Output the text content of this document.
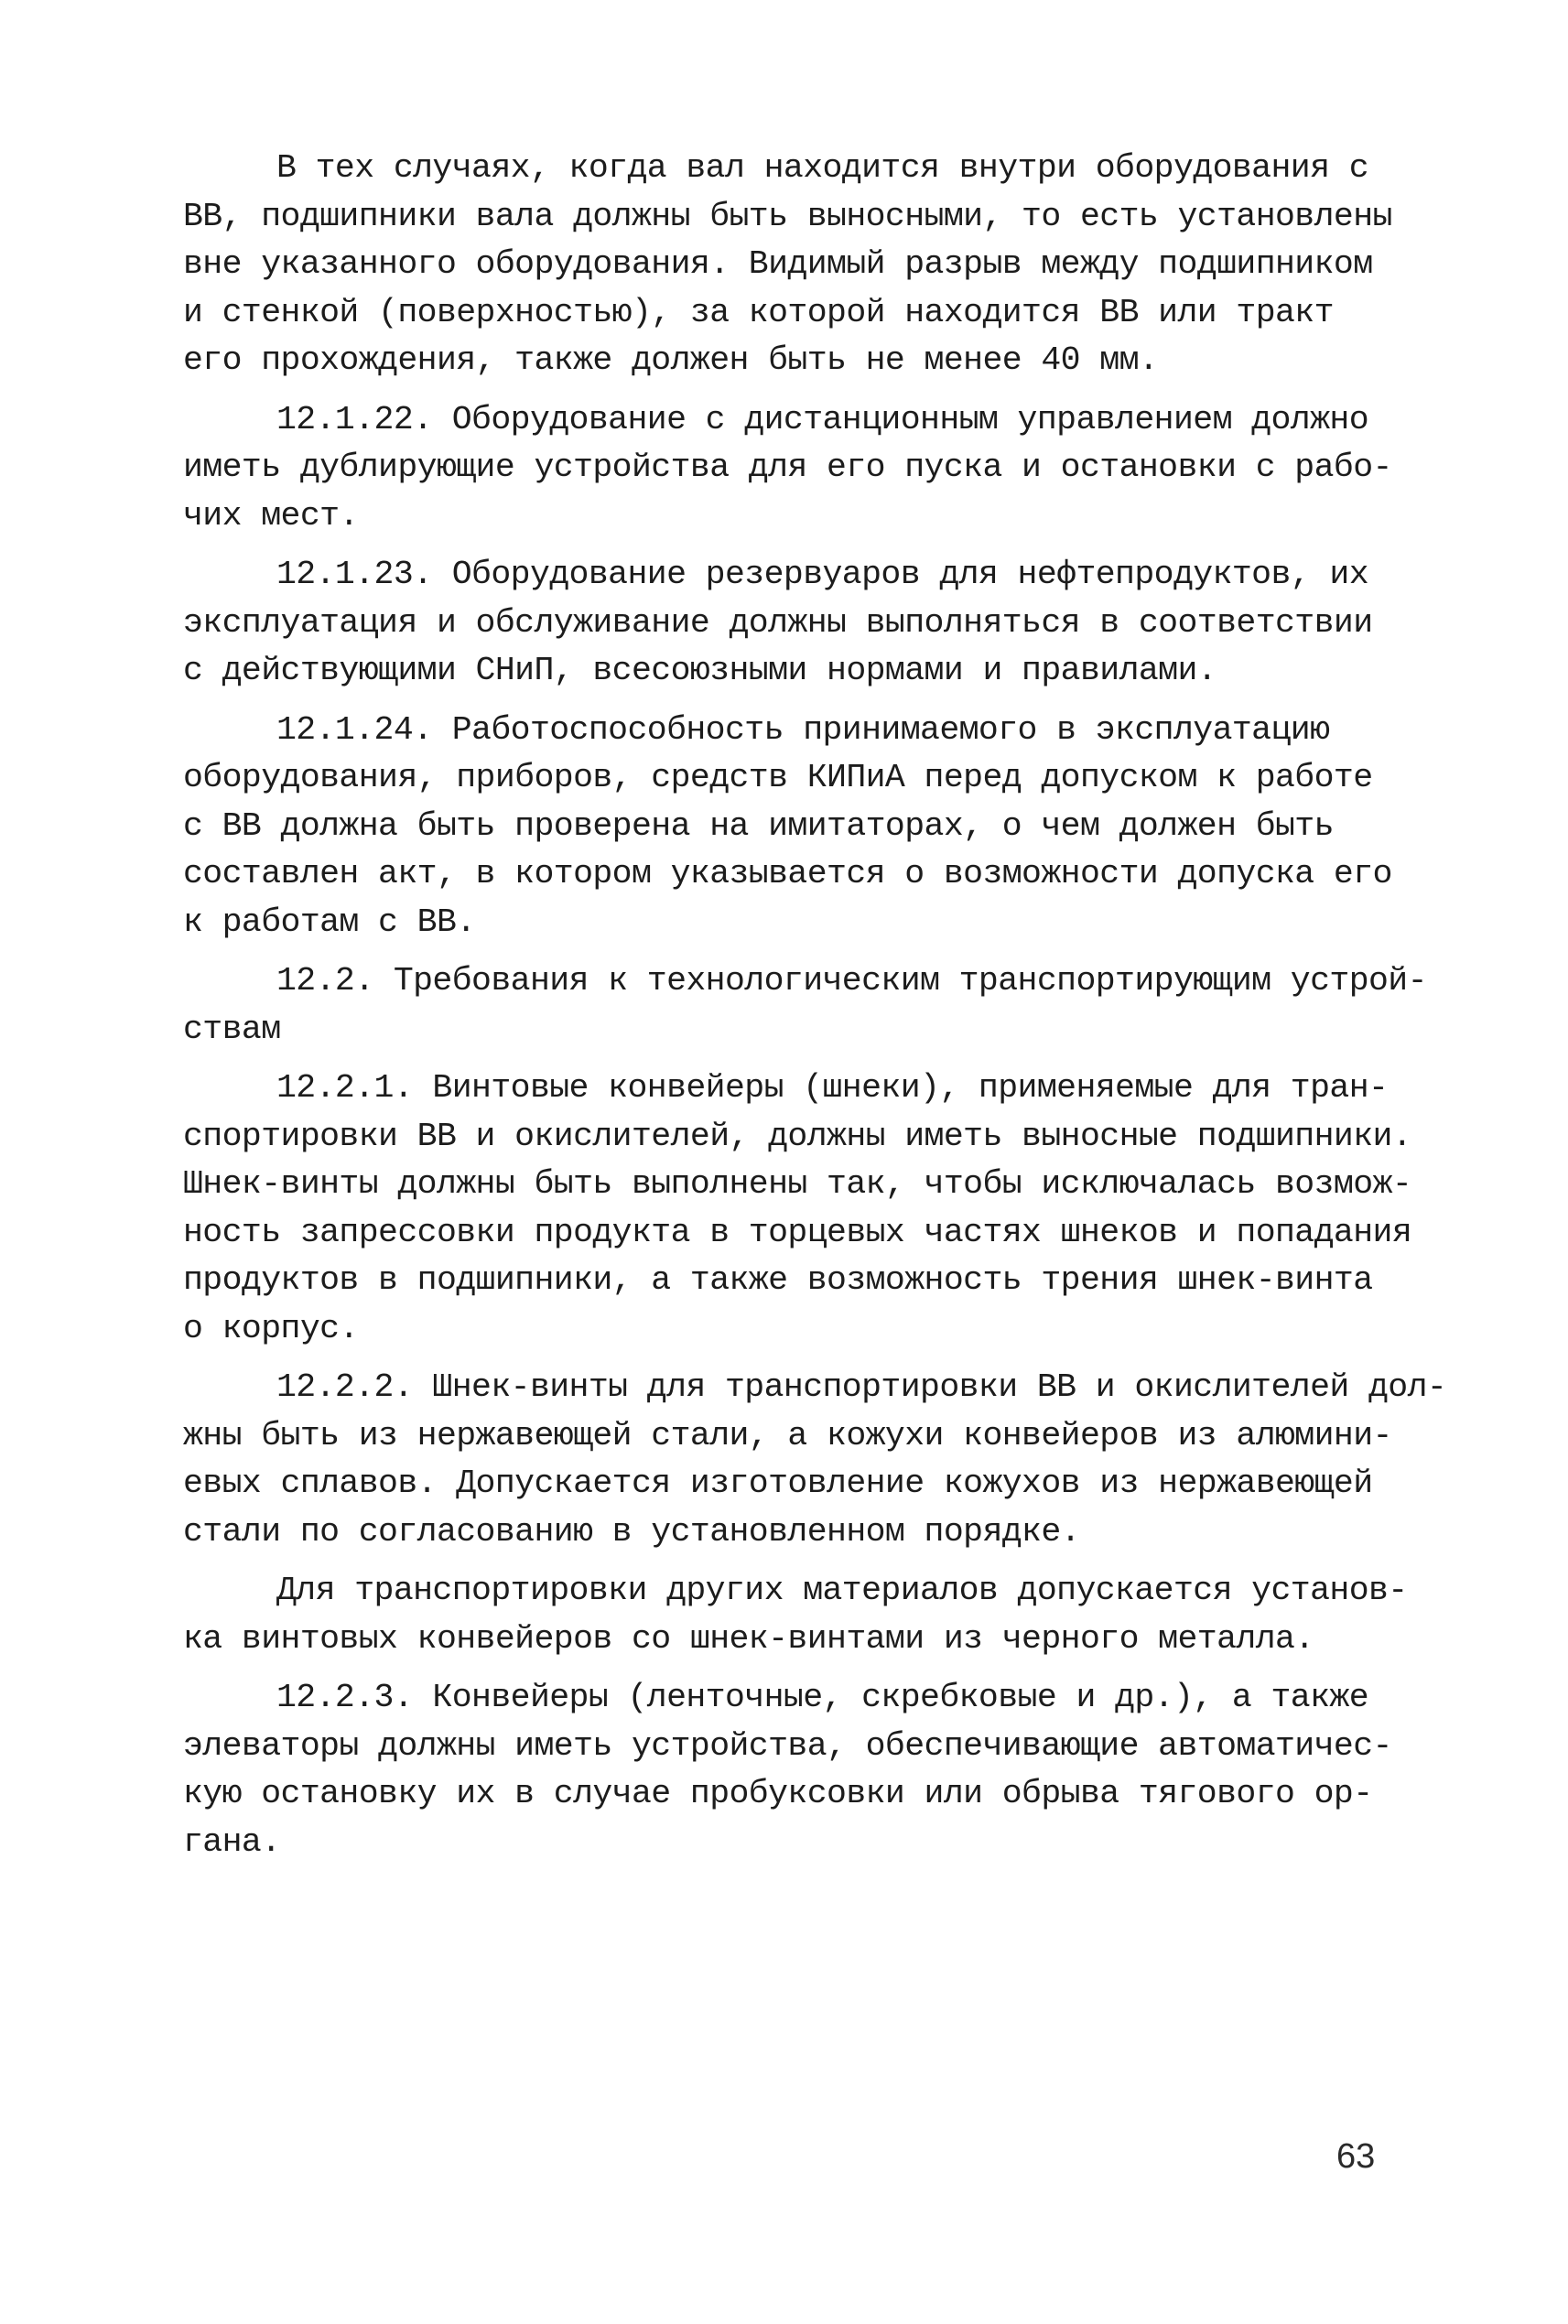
В тех случаях, когда вал находится внутри оборудования с
ВВ, подшипники вала должны быть выносными, то есть установлены
вне указанного оборудования. Видимый разрыв между подшипником
и стенкой (поверхностью), за которой находится ВВ или тракт
его прохождения, также должен быть не менее 40 мм.
12.1.22. Оборудование с дистанционным управлением должно
иметь дублирующие устройства для его пуска и остановки с рабо-
чих мест.
12.1.23. Оборудование резервуаров для нефтепродуктов, их
эксплуатация и обслуживание должны выполняться в соответствии
с действующими СНиП, всесоюзными нормами и правилами.
12.1.24. Работоспособность принимаемого в эксплуатацию
оборудования, приборов, средств КИПиА перед допуском к работе
с ВВ должна быть проверена на имитаторах, о чем должен быть
составлен акт, в котором указывается о возможности допуска его
к работам с ВВ.
12.2. Требования к технологическим транспортирующим устрой-
ствам
12.2.1. Винтовые конвейеры (шнеки), применяемые для тран-
спортировки ВВ и окислителей, должны иметь выносные подшипники.
Шнек-винты должны быть выполнены так, чтобы исключалась возмож-
ность запрессовки продукта в торцевых частях шнеков и попадания
продуктов в подшипники, а также возможность трения шнек-винта
о корпус.
12.2.2. Шнек-винты для транспортировки ВВ и окислителей дол-
жны быть из нержавеющей стали, а кожухи конвейеров из алюмини-
евых сплавов. Допускается изготовление кожухов из нержавеющей
стали по согласованию в установленном порядке.
Для транспортировки других материалов допускается установ-
ка винтовых конвейеров со шнек-винтами из черного металла.
12.2.3. Конвейеры (ленточные, скребковые и др.), а также
элеваторы должны иметь устройства, обеспечивающие автоматичес-
кую остановку их в случае пробуксовки или обрыва тягового ор-
гана.
63
